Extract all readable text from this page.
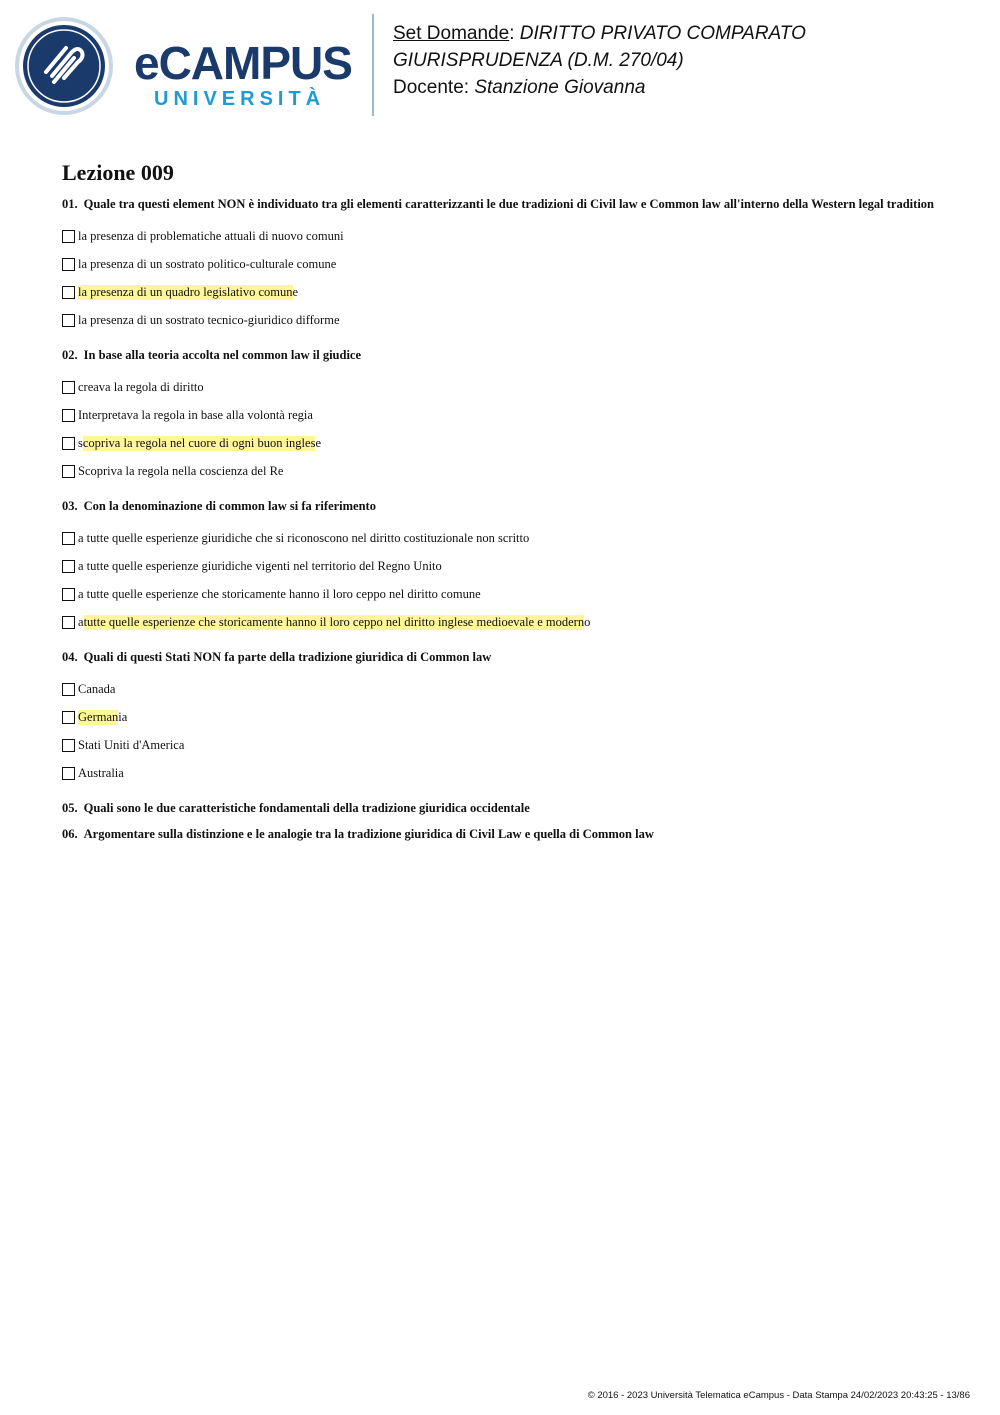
eCAMPUS
UNIVERSITÀ
Set Domande: DIRITTO PRIVATO COMPARATO
GIURISPRUDENZA (D.M. 270/04)
Docente: Stanzione Giovanna
Lezione 009
01. Quale tra questi element NON è individuato tra gli elementi caratterizzanti le due tradizioni di Civil law e Common law all'interno della Western legal tradition
la presenza di problematiche attuali di nuovo comuni
la presenza di un sostrato politico-culturale comune
la presenza di un quadro legislativo comun e
la presenza di un sostrato tecnico-giuridico difforme
02. In base alla teoria accolta nel common law il giudice
creava la regola di diritto
Interpretava la regola in base alla volontà regia
s copriva la regola nel cuore di ogni buon ingles e
Scopriva la regola nella coscienza del Re
03. Con la denominazione di common law si fa riferimento
a tutte quelle esperienze giuridiche che si riconoscono nel diritto costituzionale non scritto
a tutte quelle esperienze giuridiche vigenti nel territorio del Regno Unito
a tutte quelle esperienze che storicamente hanno il loro ceppo nel diritto comune
a tutte quelle esperienze che storicamente hanno il loro ceppo nel diritto inglese medioevale e modern o
04. Quali di questi Stati NON fa parte della tradizione giuridica di Common law
Canada
German ia
Stati Uniti d'America
Australia
05. Quali sono le due caratteristiche fondamentali della tradizione giuridica occidentale
06. Argomentare sulla distinzione e le analogie tra la tradizione giuridica di Civil Law e quella di Common law
© 2016 - 2023 Università Telematica eCampus - Data Stampa 24/02/2023 20:43:25 - 13/86
